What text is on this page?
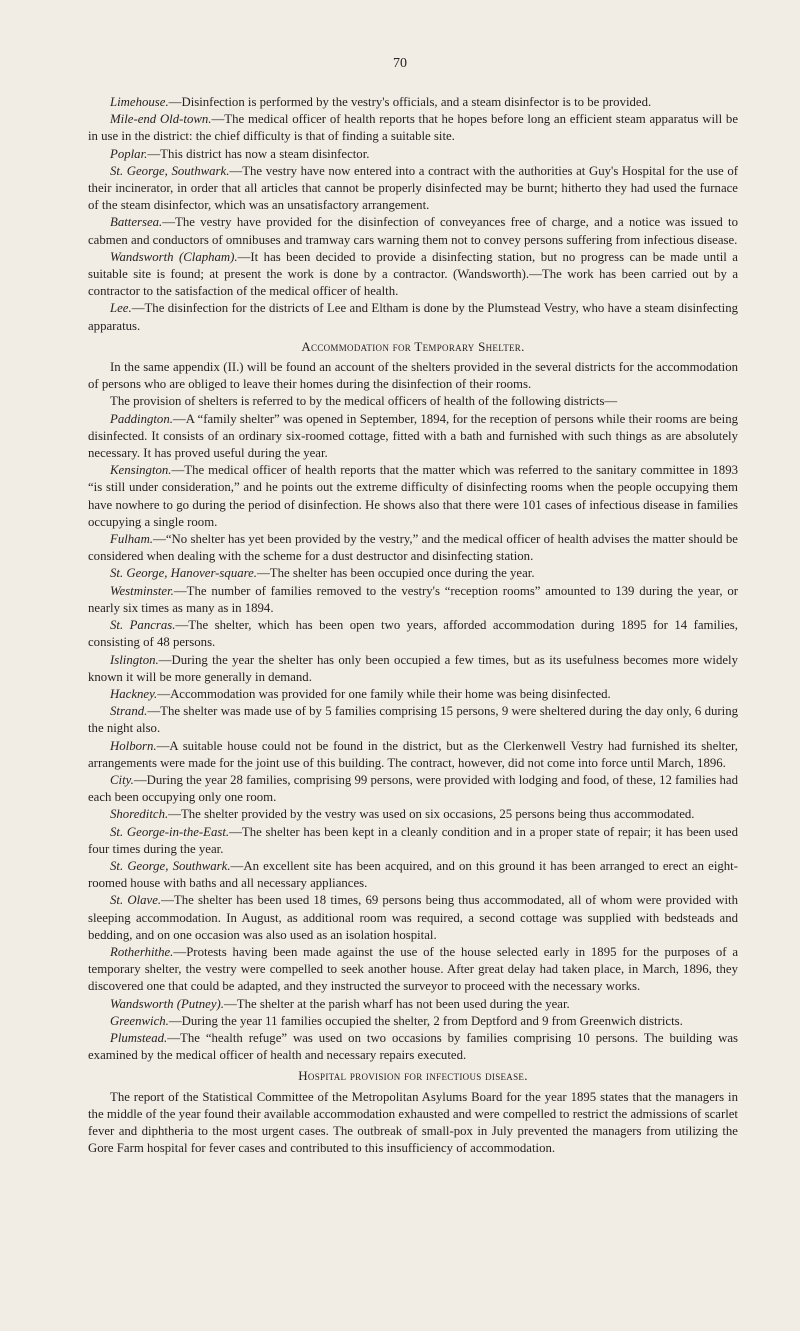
70

Limehouse.—Disinfection is performed by the vestry's officials, and a steam disinfector is to be provided.

Mile-end Old-town.—The medical officer of health reports that he hopes before long an efficient steam apparatus will be in use in the district: the chief difficulty is that of finding a suitable site.

Poplar.—This district has now a steam disinfector.

St. George, Southwark.—The vestry have now entered into a contract with the authorities at Guy's Hospital for the use of their incinerator, in order that all articles that cannot be properly disinfected may be burnt; hitherto they had used the furnace of the steam disinfector, which was an unsatisfactory arrangement.

Battersea.—The vestry have provided for the disinfection of conveyances free of charge, and a notice was issued to cabmen and conductors of omnibuses and tramway cars warning them not to convey persons suffering from infectious disease.

Wandsworth (Clapham).—It has been decided to provide a disinfecting station, but no progress can be made until a suitable site is found; at present the work is done by a contractor. (Wandsworth).—The work has been carried out by a contractor to the satisfaction of the medical officer of health.

Lee.—The disinfection for the districts of Lee and Eltham is done by the Plumstead Vestry, who have a steam disinfecting apparatus.

Accommodation for Temporary Shelter.

In the same appendix (II.) will be found an account of the shelters provided in the several districts for the accommodation of persons who are obliged to leave their homes during the disinfection of their rooms.

The provision of shelters is referred to by the medical officers of health of the following districts—

Paddington.—A “family shelter” was opened in September, 1894, for the reception of persons while their rooms are being disinfected. It consists of an ordinary six-roomed cottage, fitted with a bath and furnished with such things as are absolutely necessary. It has proved useful during the year.

Kensington.—The medical officer of health reports that the matter which was referred to the sanitary committee in 1893 “is still under consideration,” and he points out the extreme difficulty of disinfecting rooms when the people occupying them have nowhere to go during the period of disinfection. He shows also that there were 101 cases of infectious disease in families occupying a single room.

Fulham.—“No shelter has yet been provided by the vestry,” and the medical officer of health advises the matter should be considered when dealing with the scheme for a dust destructor and disinfecting station.

St. George, Hanover-square.—The shelter has been occupied once during the year.

Westminster.—The number of families removed to the vestry's “reception rooms” amounted to 139 during the year, or nearly six times as many as in 1894.

St. Pancras.—The shelter, which has been open two years, afforded accommodation during 1895 for 14 families, consisting of 48 persons.

Islington.—During the year the shelter has only been occupied a few times, but as its usefulness becomes more widely known it will be more generally in demand.

Hackney.—Accommodation was provided for one family while their home was being disinfected.

Strand.—The shelter was made use of by 5 families comprising 15 persons, 9 were sheltered during the day only, 6 during the night also.

Holborn.—A suitable house could not be found in the district, but as the Clerkenwell Vestry had furnished its shelter, arrangements were made for the joint use of this building. The contract, however, did not come into force until March, 1896.

City.—During the year 28 families, comprising 99 persons, were provided with lodging and food, of these, 12 families had each been occupying only one room.

Shoreditch.—The shelter provided by the vestry was used on six occasions, 25 persons being thus accommodated.

St. George-in-the-East.—The shelter has been kept in a cleanly condition and in a proper state of repair; it has been used four times during the year.

St. George, Southwark.—An excellent site has been acquired, and on this ground it has been arranged to erect an eight-roomed house with baths and all necessary appliances.

St. Olave.—The shelter has been used 18 times, 69 persons being thus accommodated, all of whom were provided with sleeping accommodation. In August, as additional room was required, a second cottage was supplied with bedsteads and bedding, and on one occasion was also used as an isolation hospital.

Rotherhithe.—Protests having been made against the use of the house selected early in 1895 for the purposes of a temporary shelter, the vestry were compelled to seek another house. After great delay had taken place, in March, 1896, they discovered one that could be adapted, and they instructed the surveyor to proceed with the necessary works.

Wandsworth (Putney).—The shelter at the parish wharf has not been used during the year.

Greenwich.—During the year 11 families occupied the shelter, 2 from Deptford and 9 from Greenwich districts.

Plumstead.—The “health refuge” was used on two occasions by families comprising 10 persons. The building was examined by the medical officer of health and necessary repairs executed.

Hospital provision for infectious disease.

The report of the Statistical Committee of the Metropolitan Asylums Board for the year 1895 states that the managers in the middle of the year found their available accommodation exhausted and were compelled to restrict the admissions of scarlet fever and diphtheria to the most urgent cases. The outbreak of small-pox in July prevented the managers from utilizing the Gore Farm hospital for fever cases and contributed to this insufficiency of accommodation.
